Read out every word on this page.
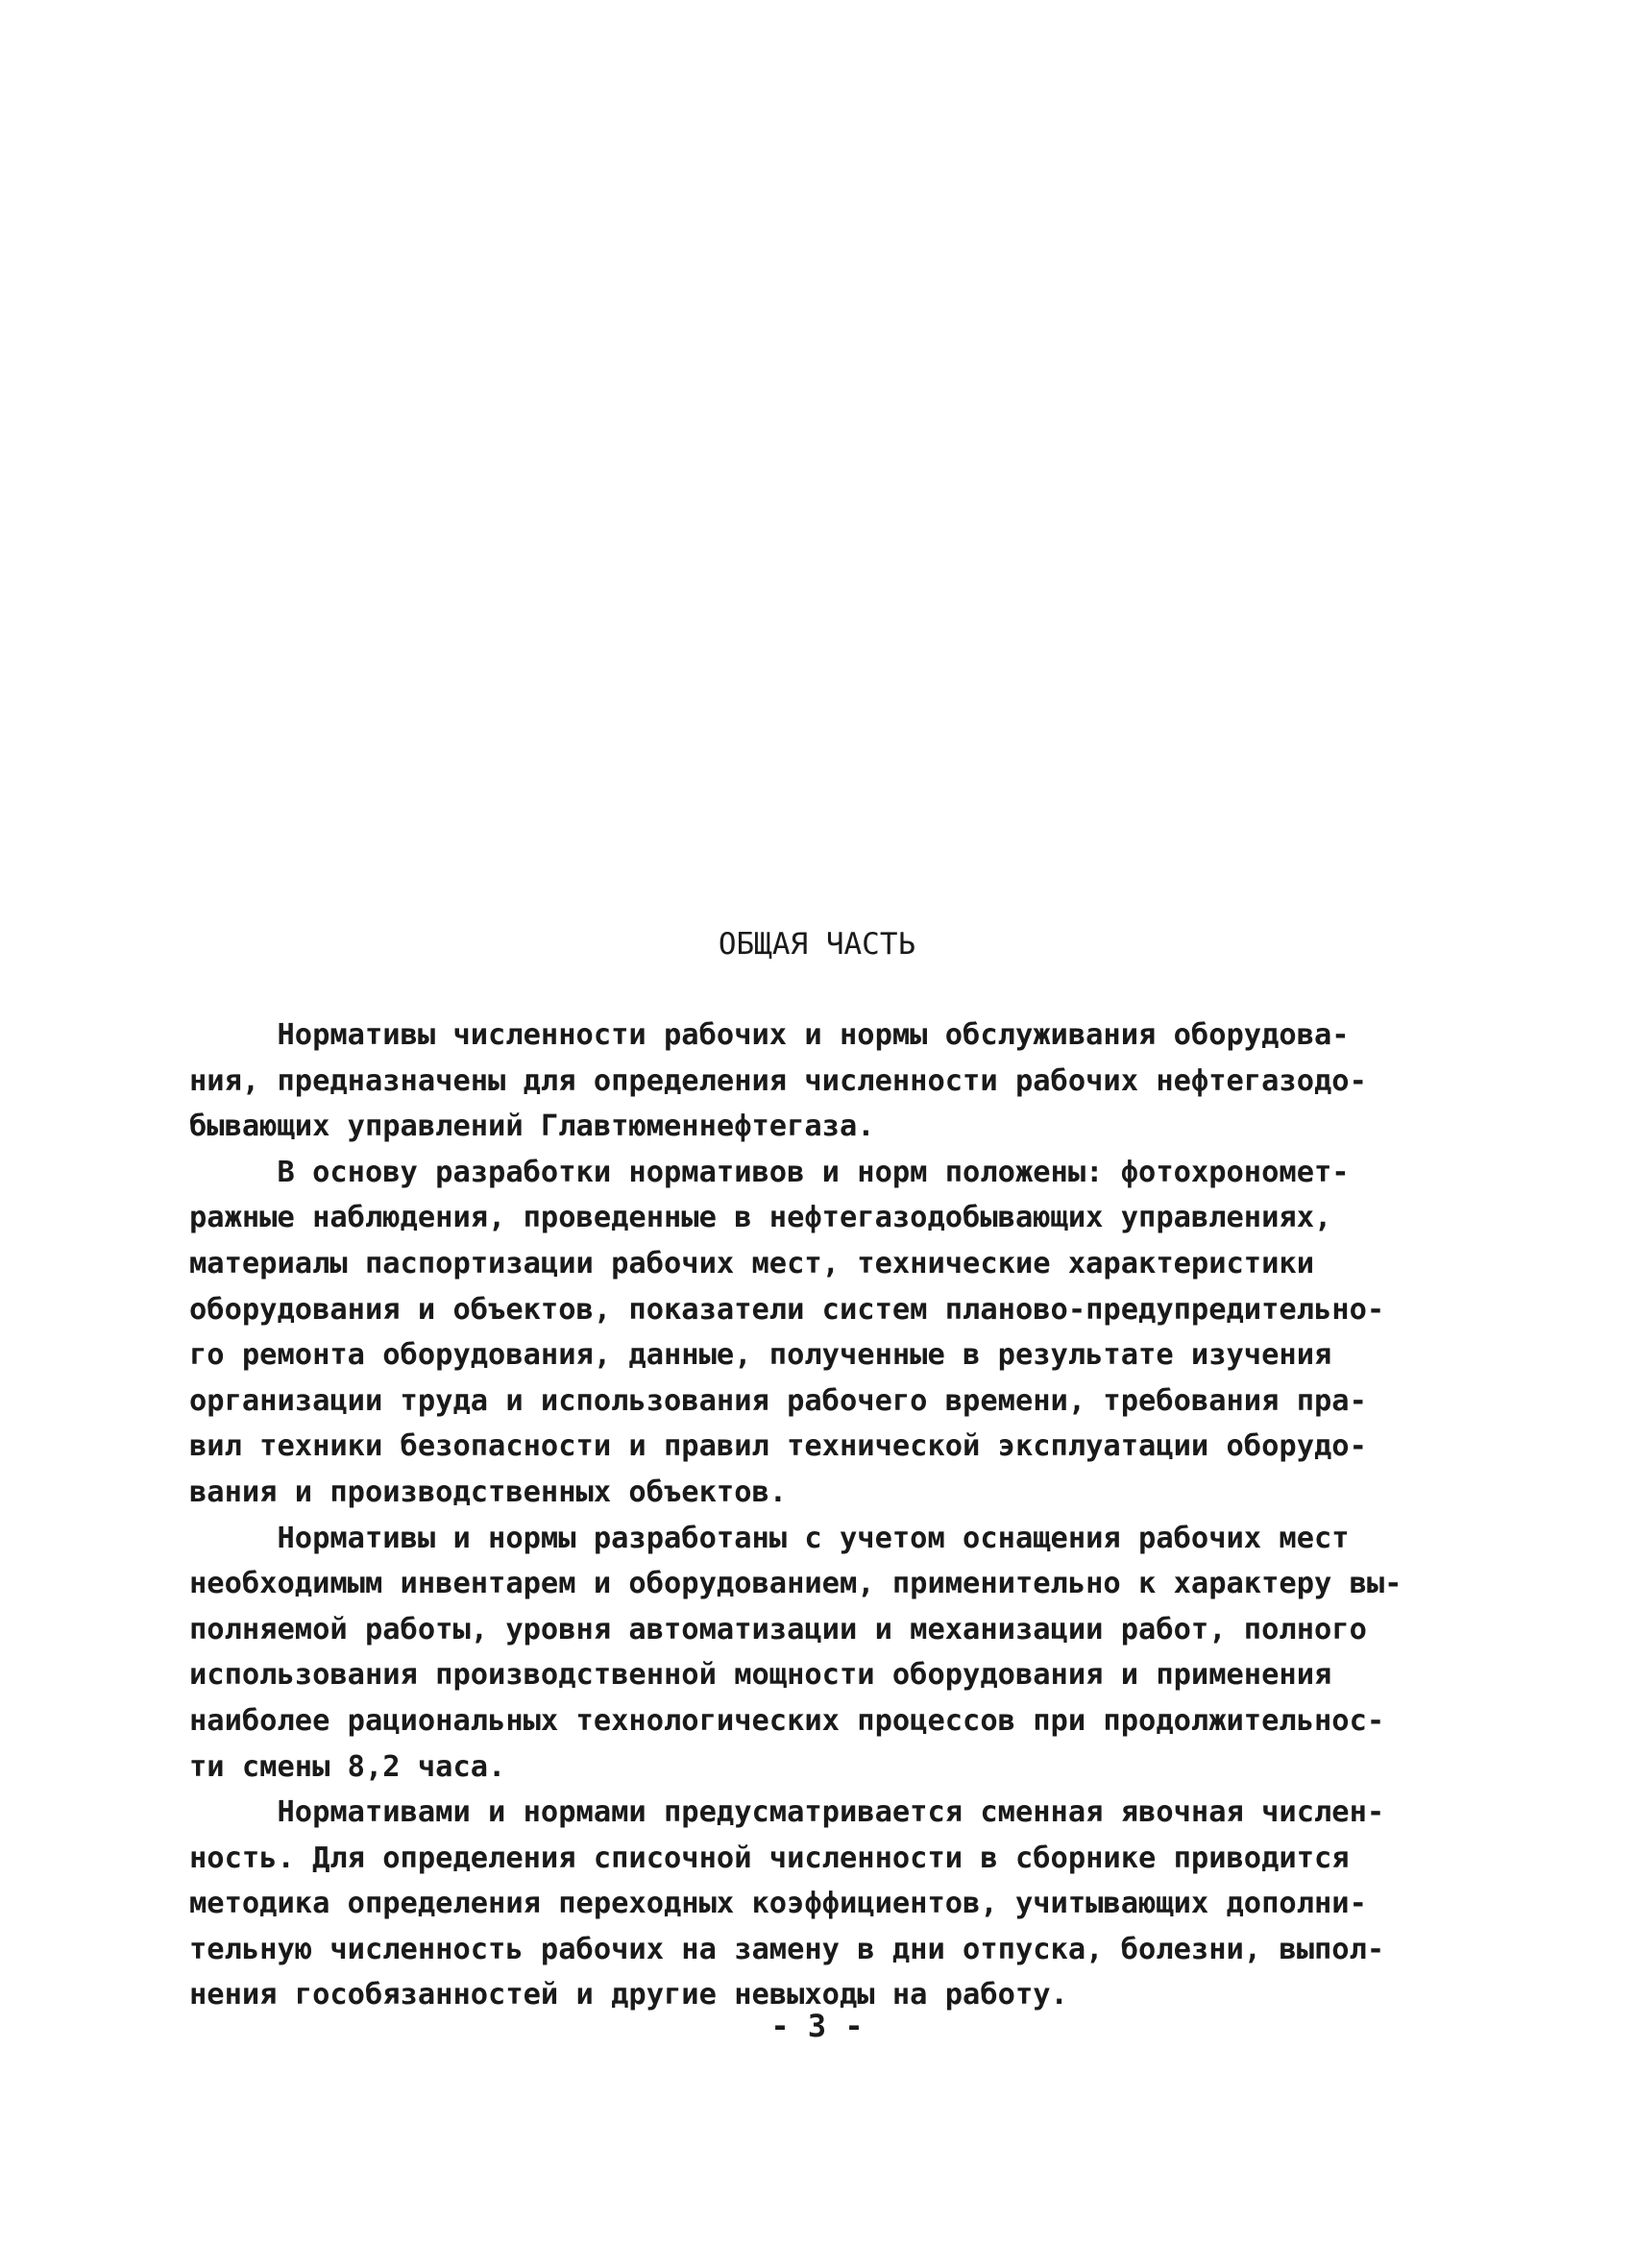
ОБЩАЯ ЧАСТЬ
Нормативы численности рабочих и нормы обслуживания оборудова-
ния, предназначены для определения численности рабочих нефтегазодо-
бывающих управлений Главтюменнефтегаза.
В основу разработки нормативов и норм положены: фотохрономет-
ражные наблюдения, проведенные в нефтегазодобывающих управлениях,
материалы паспортизации рабочих мест, технические характеристики
оборудования и объектов, показатели систем планово-предупредительно-
го ремонта оборудования, данные, полученные в результате изучения
организации труда и использования рабочего времени, требования пра-
вил техники безопасности и правил технической эксплуатации оборудо-
вания и производственных объектов.
Нормативы и нормы разработаны с учетом оснащения рабочих мест
необходимым инвентарем и оборудованием, применительно к характеру вы-
полняемой работы, уровня автоматизации и механизации работ, полного
использования производственной мощности оборудования и применения
наиболее рациональных технологических процессов при продолжительнос-
ти смены 8,2 часа.
Нормативами и нормами предусматривается сменная явочная числен-
ность. Для определения списочной численности в сборнике приводится
методика определения переходных коэффициентов, учитывающих дополни-
тельную численность рабочих на замену в дни отпуска, болезни, выпол-
нения гособязанностей и другие невыходы на работу.
- 3 -
